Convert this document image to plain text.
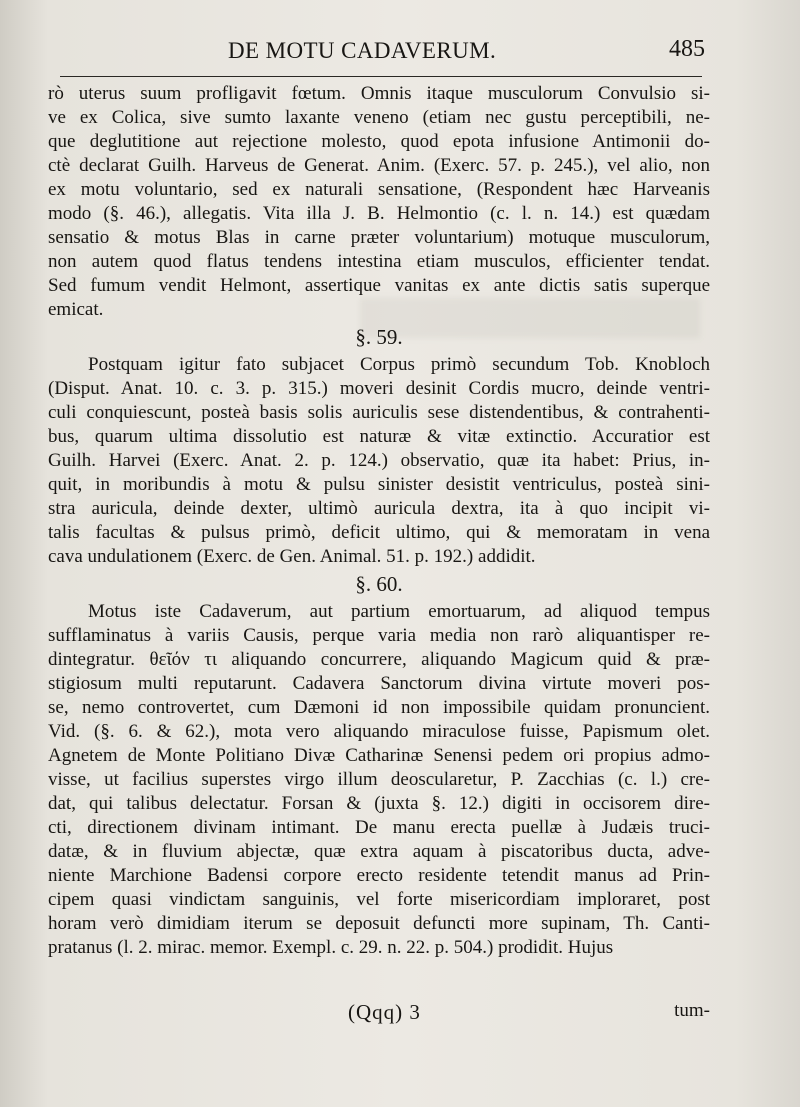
DE MOTU CADAVERUM.	485
rò uterus suum profligavit fœtum. Omnis itaque musculorum Convulsio si-
ve ex Colica, sive sumto laxante veneno (etiam nec gustu perceptibili, ne-
que deglutitione aut rejectione molesto, quod epota infusione Antimonii do-
ctè declarat Guilh. Harveus de Generat. Anim. (Exerc. 57. p. 245.), vel alio, non
ex motu voluntario, sed ex naturali sensatione, (Respondent hæc Harveanis
modo (§. 46.), allegatis. Vita illa J. B. Helmontio (c. l. n. 14.) est quædam
sensatio & motus Blas in carne præter voluntarium) motuque musculorum,
non autem quod flatus tendens intestina etiam musculos, efficienter tendat.
Sed fumum vendit Helmont, assertique vanitas ex ante dictis satis superque
emicat.
§. 59.
Postquam igitur fato subjacet Corpus primò secundum Tob. Knobloch
(Disput. Anat. 10. c. 3. p. 315.) moveri desinit Cordis mucro, deinde ventri-
culi conquiescunt, posteà basis solis auriculis sese distendentibus, & contrahenti-
bus, quarum ultima dissolutio est naturæ & vitæ extinctio. Accuratior est
Guilh. Harvei (Exerc. Anat. 2. p. 124.) observatio, quæ ita habet: Prius, in-
quit, in moribundis à motu & pulsu sinister desistit ventriculus, posteà sini-
stra auricula, deinde dexter, ultimò auricula dextra, ita à quo incipit vi-
talis facultas & pulsus primò, deficit ultimo, qui & memoratam in vena
cava undulationem (Exerc. de Gen. Animal. 51. p. 192.) addidit.
§. 60.
Motus iste Cadaverum, aut partium emortuarum, ad aliquod tempus
sufflaminatus à variis Causis, perque varia media non rarò aliquantisper re-
dintegratur. θεῖόν τι aliquando concurrere, aliquando Magicum quid & præ-
stigiosum multi reputarunt. Cadavera Sanctorum divina virtute moveri pos-
se, nemo controvertet, cum Dæmoni id non impossibile quidam pronuncient.
Vid. (§. 6. & 62.), mota vero aliquando miraculose fuisse, Papismum olet.
Agnetem de Monte Politiano Divæ Catharinæ Senensi pedem ori propius admo-
visse, ut facilius superstes virgo illum deoscularetur, P. Zacchias (c. l.) cre-
dat, qui talibus delectatur. Forsan & (juxta §. 12.) digiti in occisorem dire-
cti, directionem divinam intimant. De manu erecta puellæ à Judæis truci-
datæ, & in fluvium abjectæ, quæ extra aquam à piscatoribus ducta, adve-
niente Marchione Badensi corpore erecto residente tetendit manus ad Prin-
cipem quasi vindictam sanguinis, vel forte misericordiam imploraret, post
horam verò dimidiam iterum se deposuit defuncti more supinam, Th. Canti-
pratanus (l. 2. mirac. memor. Exempl. c. 29. n. 22. p. 504.) prodidit. Hujus
(Qqq) 3	tum-
